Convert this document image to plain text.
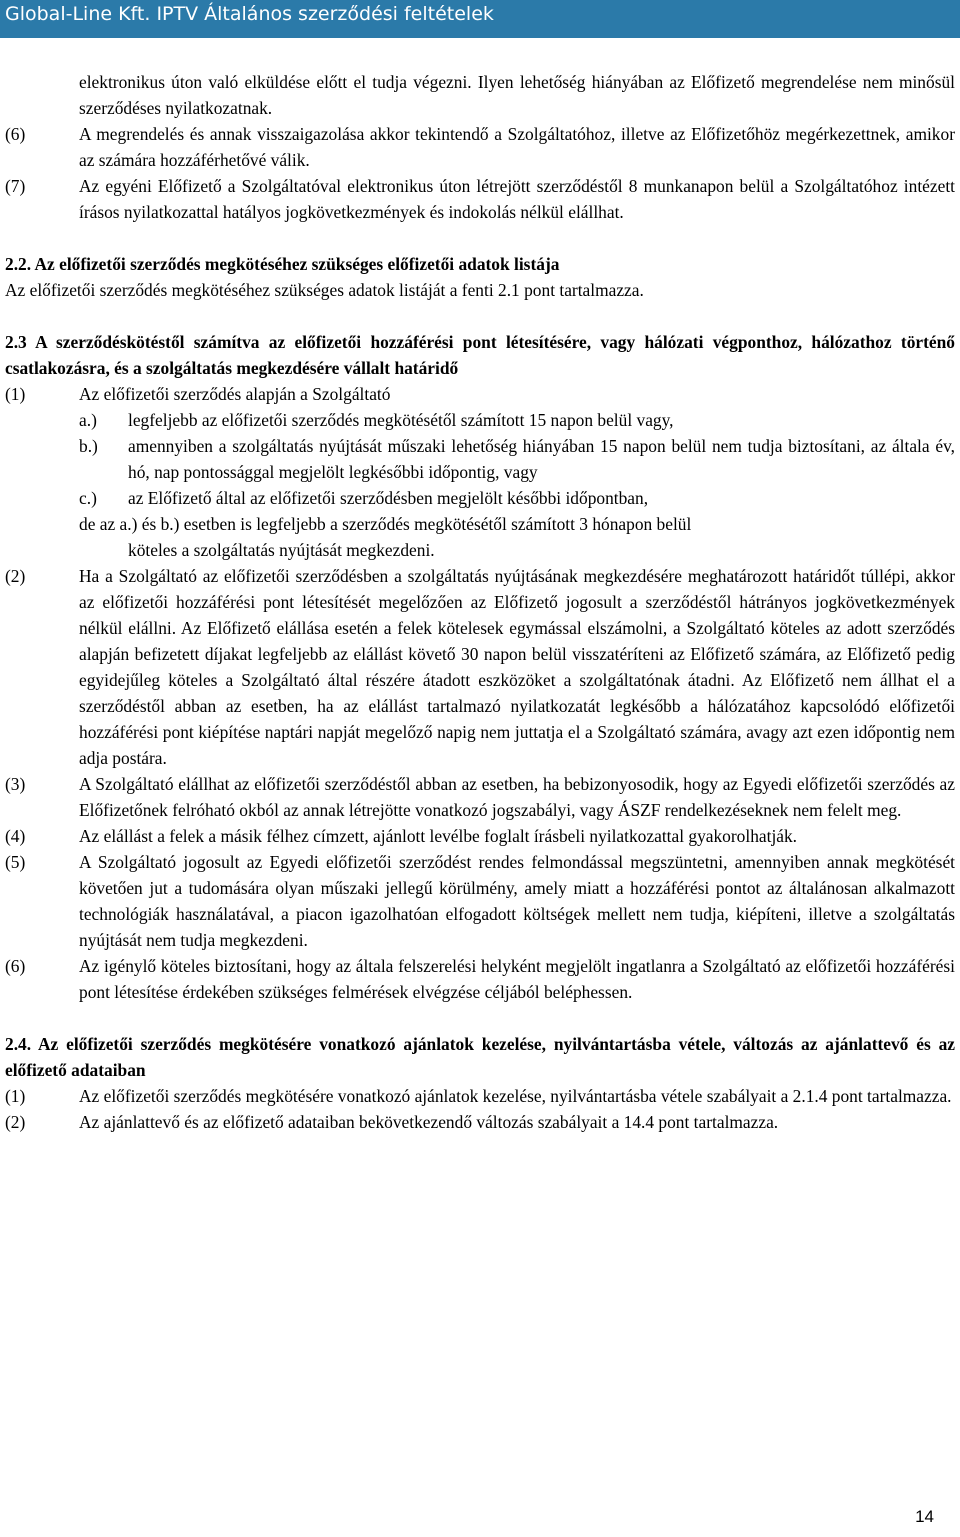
Global-Line Kft. IPTV Általános szerződési feltételek

elektronikus úton való elküldése előtt el tudja végezni. Ilyen lehetőség hiányában az Előfizető megrendelése nem minősül szerződéses nyilatkozatnak.

(6)	A megrendelés és annak visszaigazolása akkor tekintendő a Szolgáltatóhoz, illetve az Előfizetőhöz megérkezettnek, amikor az számára hozzáférhetővé válik.
(7)	Az egyéni Előfizető a Szolgáltatóval elektronikus úton létrejött szerződéstől 8 munkanapon belül a Szolgáltatóhoz intézett írásos nyilatkozattal hatályos jogkövetkezmények és indokolás nélkül elállhat.

2.2. Az előfizetői szerződés megkötéséhez szükséges előfizetői adatok listája

Az előfizetői szerződés megkötéséhez szükséges adatok listáját a fenti 2.1 pont tartalmazza.

2.3 A szerződéskötéstől számítva az előfizetői hozzáférési pont létesítésére, vagy hálózati végponthoz, hálózathoz történő csatlakozásra, és a szolgáltatás megkezdésére vállalt határidő

(1)	Az előfizetői szerződés alapján a Szolgáltató
a.)	legfeljebb az előfizetői szerződés megkötésétől számított 15 napon belül vagy,
b.)	amennyiben a szolgáltatás nyújtását műszaki lehetőség hiányában 15 napon belül nem tudja biztosítani, az általa év, hó, nap pontossággal megjelölt legkésőbbi időpontig, vagy
c.)	az Előfizető által az előfizetői szerződésben megjelölt későbbi időpontban,
de az a.) és b.) esetben is legfeljebb a szerződés megkötésétől számított 3 hónapon belül
köteles a szolgáltatás nyújtását megkezdeni.
(2)	Ha a Szolgáltató az előfizetői szerződésben a szolgáltatás nyújtásának megkezdésére meghatározott határidőt túllépi, akkor az előfizetői hozzáférési pont létesítését megelőzően az Előfizető jogosult a szerződéstől hátrányos jogkövetkezmények nélkül elállni. Az Előfizető elállása esetén a felek kötelesek egymással elszámolni, a Szolgáltató köteles az adott szerződés alapján befizetett díjakat legfeljebb az elállást követő 30 napon belül visszatéríteni az Előfizető számára, az Előfizető pedig egyidejűleg köteles a Szolgáltató által részére átadott eszközöket a szolgáltatónak átadni. Az Előfizető nem állhat el a szerződéstől abban az esetben, ha az elállást tartalmazó nyilatkozatát legkésőbb a hálózatához kapcsolódó előfizetői hozzáférési pont kiépítése naptári napját megelőző napig nem juttatja el a Szolgáltató számára, avagy azt ezen időpontig nem adja postára.
(3)	A Szolgáltató elállhat az előfizetői szerződéstől abban az esetben, ha bebizonyosodik, hogy az Egyedi előfizetői szerződés az Előfizetőnek felróható okból az annak létrejötte vonatkozó jogszabályi, vagy ÁSZF rendelkezéseknek nem felelt meg.
(4)	Az elállást a felek a másik félhez címzett, ajánlott levélbe foglalt írásbeli nyilatkozattal gyakorolhatják.
(5)	A Szolgáltató jogosult az Egyedi előfizetői szerződést rendes felmondással megszüntetni, amennyiben annak megkötését követően jut a tudomására olyan műszaki jellegű körülmény, amely miatt a hozzáférési pontot az általánosan alkalmazott technológiák használatával, a piacon igazolhatóan elfogadott költségek mellett nem tudja, kiépíteni, illetve a szolgáltatás nyújtását nem tudja megkezdeni.
(6)	Az igénylő köteles biztosítani, hogy az általa felszerelési helyként megjelölt ingatlanra a Szolgáltató az előfizetői hozzáférési pont létesítése érdekében szükséges felmérések elvégzése céljából beléphessen.

2.4. Az előfizetői szerződés megkötésére vonatkozó ajánlatok kezelése, nyilvántartásba vétele, változás az ajánlattevő és az előfizető adataiban

(1)	Az előfizetői szerződés megkötésére vonatkozó ajánlatok kezelése, nyilvántartásba vétele szabályait a 2.1.4 pont tartalmazza.
(2)	Az ajánlattevő és az előfizető adataiban bekövetkezendő változás szabályait a 14.4 pont tartalmazza.
14
